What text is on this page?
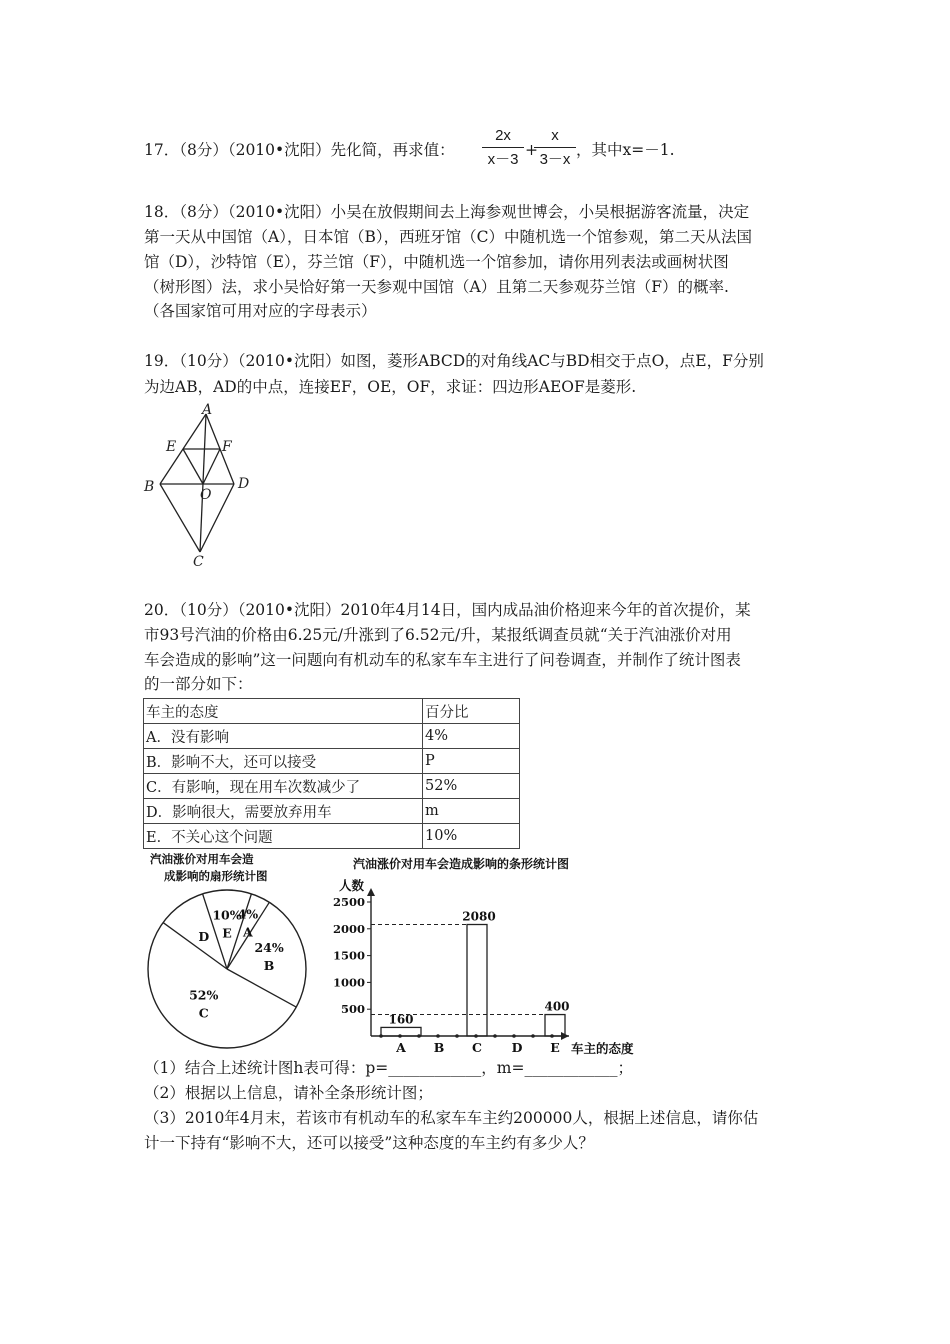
17．（8分）（2010•沈阳）先化简，再求值：
2x
x－3
+
x
3－x
，其中x=－1.
18．（8分）（2010•沈阳）小吴在放假期间去上海参观世博会，小吴根据游客流量，决定
第一天从中国馆（A），日本馆（B），西班牙馆（C）中随机选一个馆参观，第二天从法国
馆（D），沙特馆（E），芬兰馆（F），中随机选一个馆参加，请你用列表法或画树状图
（树形图）法，求小吴恰好第一天参观中国馆（A）且第二天参观芬兰馆（F）的概率.
（各国家馆可用对应的字母表示）
19．（10分）（2010•沈阳）如图，菱形ABCD的对角线AC与BD相交于点O，点E，F分别
为边AB，AD的中点，连接EF，OE，OF，求证：四边形AEOF是菱形.
A
E	F
B	O
D
C
20．（10分）（2010•沈阳）2010年4月14日，国内成品油价格迎来今年的首次提价，某
市93号汽油的价格由6.25元/升涨到了6.52元/升，某报纸调查员就“关于汽油涨价对用
车会造成的影响”这一问题向有机动车的私家车车主进行了问卷调查，并制作了统计图表
的一部分如下：
车主的态度	百分比
A．没有影响	4%
B．影响不大，还可以接受	P
C．有影响，现在用车次数减少了	52%
D．影响很大，需要放弃用车	m
E．不关心这个问题	10%
汽油涨价对用车会造
成影响的扇形统计图
4%
A
24%
B
52%
C
D
10%
E
汽油涨价对用车会造成影响的条形统计图
人数
车主的态度
500
1000
1500
2000
2500
A
160
B C
2080
D E
400
（1）结合上述统计图h表可得：p=____________，m=____________；
（2）根据以上信息，请补全条形统计图；
（3）2010年4月末，若该市有机动车的私家车车主约200000人，根据上述信息，请你估
计一下持有“影响不大，还可以接受”这种态度的车主约有多少人？
